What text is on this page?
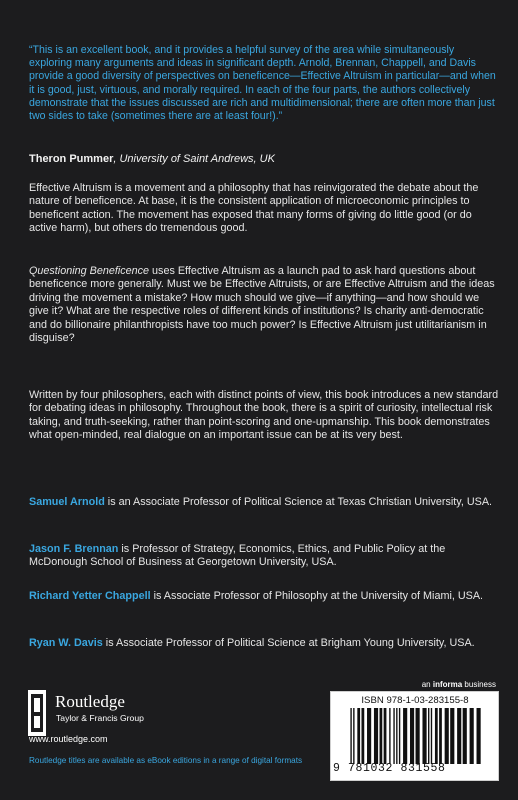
“This is an excellent book, and it provides a helpful survey of the area while simultaneously exploring many arguments and ideas in significant depth. Arnold, Brennan, Chappell, and Davis provide a good diversity of perspectives on beneficence—Effective Altruism in particular—and when it is good, just, virtuous, and morally required. In each of the four parts, the authors collectively demonstrate that the issues discussed are rich and multidimensional; there are often more than just two sides to take (sometimes there are at least four!).”

Theron Pummer, University of Saint Andrews, UK

Effective Altruism is a movement and a philosophy that has reinvigorated the debate about the nature of beneficence. At base, it is the consistent application of microeconomic principles to beneficent action. The movement has exposed that many forms of giving do little good (or do active harm), but others do tremendous good.

Questioning Beneficence uses Effective Altruism as a launch pad to ask hard questions about beneficence more generally. Must we be Effective Altruists, or are Effective Altruism and the ideas driving the movement a mistake? How much should we give—if anything—and how should we give it? What are the respective roles of different kinds of institutions? Is charity anti-democratic and do billionaire philanthropists have too much power? Is Effective Altruism just utilitarianism in disguise?

Written by four philosophers, each with distinct points of view, this book introduces a new standard for debating ideas in philosophy. Throughout the book, there is a spirit of curiosity, intellectual risk taking, and truth-seeking, rather than point-scoring and one-upmanship. This book demonstrates what open-minded, real dialogue on an important issue can be at its very best.

Samuel Arnold is an Associate Professor of Political Science at Texas Christian University, USA.

Jason F. Brennan is Professor of Strategy, Economics, Ethics, and Public Policy at the McDonough School of Business at Georgetown University, USA.

Richard Yetter Chappell is Associate Professor of Philosophy at the University of Miami, USA.

Ryan W. Davis is Associate Professor of Political Science at Brigham Young University, USA.

an informa business
Routledge
Taylor & Francis Group
www.routledge.com
Routledge titles are available as eBook editions in a range of digital formats
ISBN 978-1-03-283155-8
9 781032 831558
